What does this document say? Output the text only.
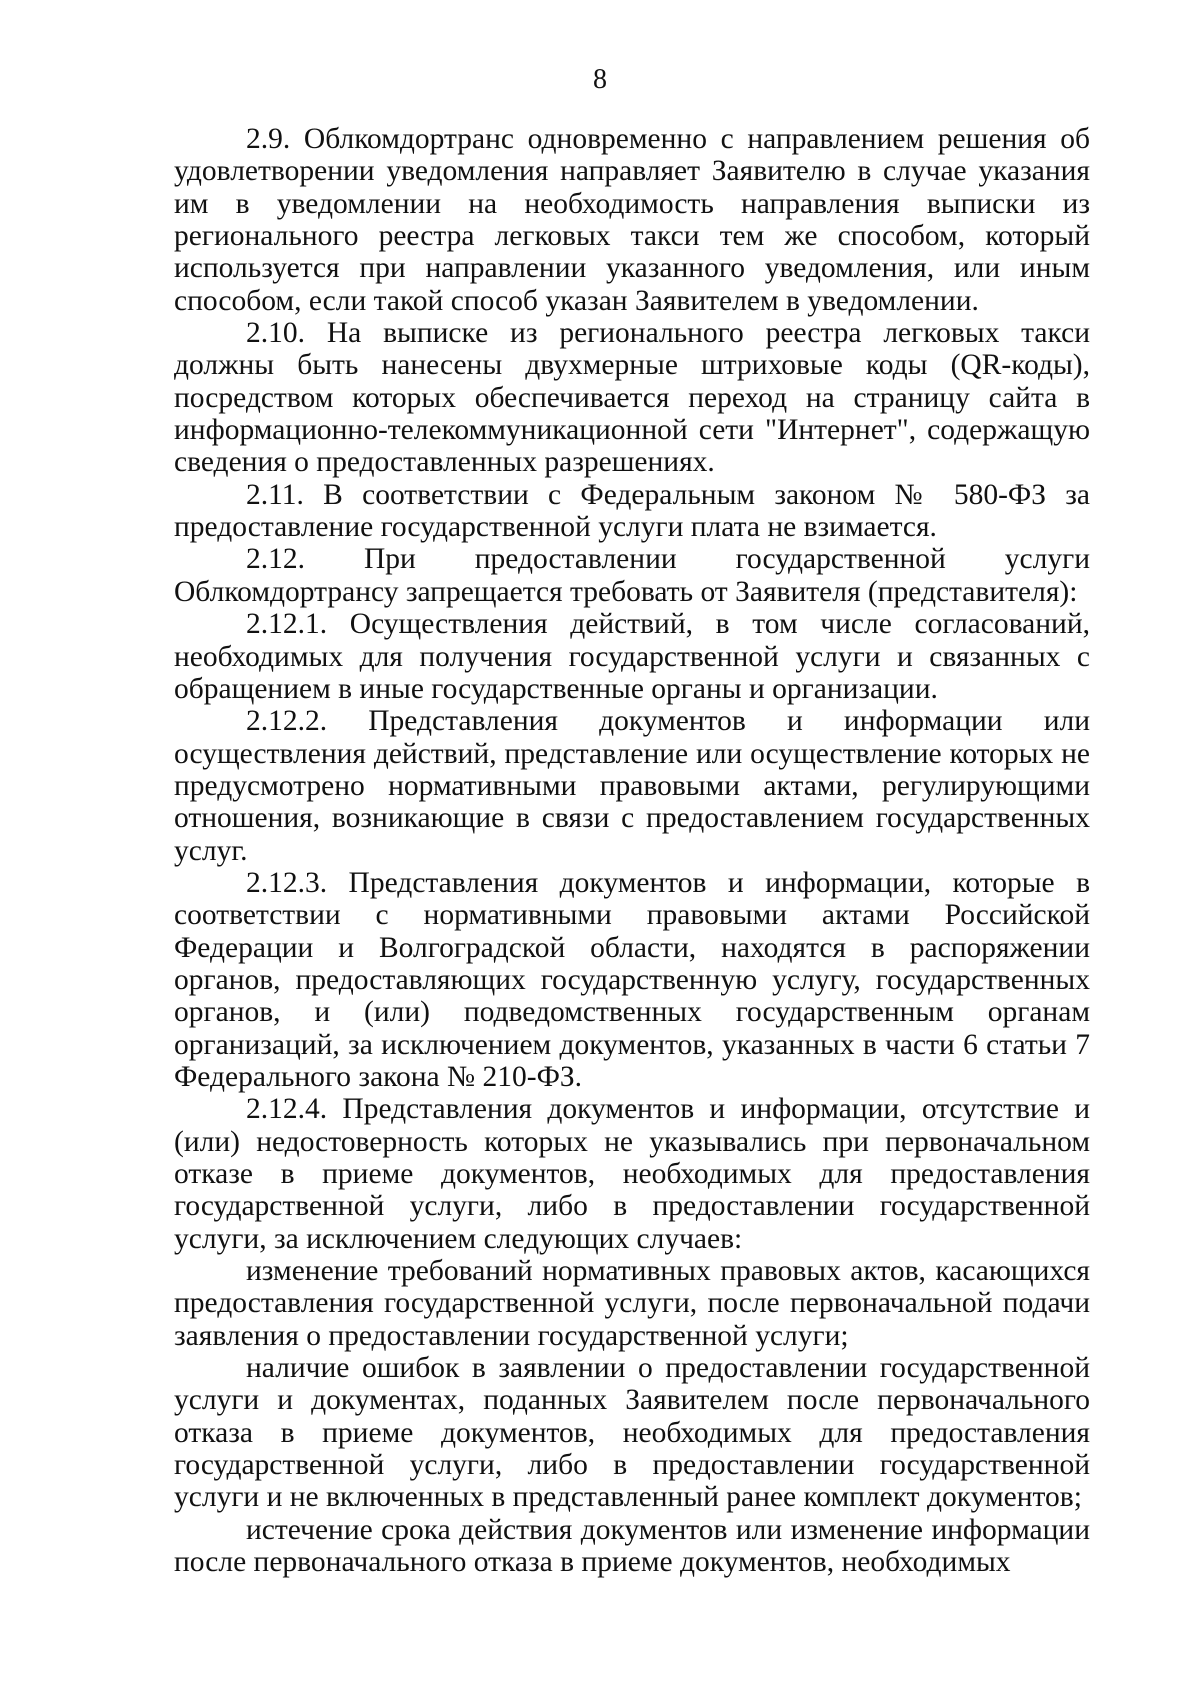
8

2.9. Облкомдортранс одновременно с направлением решения об удовлетворении уведомления направляет Заявителю в случае указания им в уведомлении на необходимость направления выписки из регионального реестра легковых такси тем же способом, который используется при направлении указанного уведомления, или иным способом, если такой способ указан Заявителем в уведомлении.

2.10. На выписке из регионального реестра легковых такси должны быть нанесены двухмерные штриховые коды (QR-коды), посредством которых обеспечивается переход на страницу сайта в информационно-телекоммуникационной сети "Интернет", содержащую сведения о предоставленных разрешениях.

2.11. В соответствии с Федеральным законом № 580-ФЗ за предоставление государственной услуги плата не взимается.

2.12. При предоставлении государственной услуги Облкомдортрансу запрещается требовать от Заявителя (представителя):

2.12.1. Осуществления действий, в том числе согласований, необходимых для получения государственной услуги и связанных с обращением в иные государственные органы и организации.

2.12.2. Представления документов и информации или осуществления действий, представление или осуществление которых не предусмотрено нормативными правовыми актами, регулирующими отношения, возникающие в связи с предоставлением государственных услуг.

2.12.3. Представления документов и информации, которые в соответствии с нормативными правовыми актами Российской Федерации и Волгоградской области, находятся в распоряжении органов, предоставляющих государственную услугу, государственных органов, и (или) подведомственных государственным органам организаций, за исключением документов, указанных в части 6 статьи 7 Федерального закона № 210-ФЗ.

2.12.4. Представления документов и информации, отсутствие и (или) недостоверность которых не указывались при первоначальном отказе в приеме документов, необходимых для предоставления государственной услуги, либо в предоставлении государственной услуги, за исключением следующих случаев:

изменение требований нормативных правовых актов, касающихся предоставления государственной услуги, после первоначальной подачи заявления о предоставлении государственной услуги;

наличие ошибок в заявлении о предоставлении государственной услуги и документах, поданных Заявителем после первоначального отказа в приеме документов, необходимых для предоставления государственной услуги, либо в предоставлении государственной услуги и не включенных в представленный ранее комплект документов;

истечение срока действия документов или изменение информации после первоначального отказа в приеме документов, необходимых
